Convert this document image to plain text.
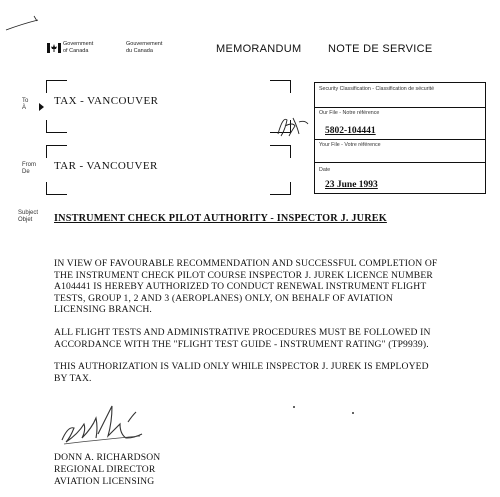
Government
of Canada
Gouvernement
du Canada	MEMORANDUM NOTE DE SERVICE
To
À
TAX - VANCOUVER
From
De	TAR - VANCOUVER
Security Classification - Classification de sécurité
Our File - Notre référence
5802-104441
Your File - Votre référence
Date
23 June 1993
Subject
Objet	INSTRUMENT CHECK PILOT AUTHORITY - INSPECTOR J. JUREK
IN VIEW OF FAVOURABLE RECOMMENDATION AND SUCCESSFUL COMPLETION OF
THE INSTRUMENT CHECK PILOT COURSE INSPECTOR J. JUREK LICENCE NUMBER
A104441 IS HEREBY AUTHORIZED TO CONDUCT RENEWAL INSTRUMENT FLIGHT
TESTS, GROUP 1, 2 AND 3 (AEROPLANES) ONLY, ON BEHALF OF AVIATION
LICENSING BRANCH.
ALL FLIGHT TESTS AND ADMINISTRATIVE PROCEDURES MUST BE FOLLOWED IN
ACCORDANCE WITH THE "FLIGHT TEST GUIDE - INSTRUMENT RATING" (TP9939).
THIS AUTHORIZATION IS VALID ONLY WHILE INSPECTOR J. JUREK IS EMPLOYED
BY TAX.
DONN A. RICHARDSON
REGIONAL DIRECTOR
AVIATION LICENSING
